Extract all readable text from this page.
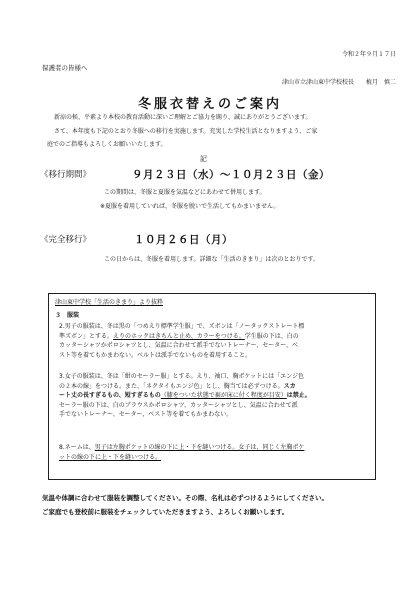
令和２年９月１７日
保護者の皆様へ
津山市立津山東中学校校長　　植月　慎二
冬服衣替えのご案内
新涼の候、平素より本校の教育活動に深いご理解とご協力を賜り、誠にありがとうございます。
さて、本年度も下記のとおり冬服への移行を実施します。充実した学校生活となりますよう、ご家
庭でのご指導もよろしくお願いいたします。
記
《移行期間》	９月２３日（水）〜１０月２３日（金）
この期間は、冬服と夏服を気温などにあわせて併用します。
※夏服を着用していれば、冬服を脱いで生活してもかまいません。
《完全移行》	１０月２６日（月）
この日からは、冬服を着用します。詳細な「生活のきまり」は次のとおりです。
津山東中学校「生活のきまり」より抜粋
３　服装
2.男子の服装は、冬は黒の「つめえり標準学生服」で、ズボンは「ノータックストレート標
準ズボン」とする。えりのホックはきちんと止め、カラーをつける。学生服の下は、白の
カッターシャツかポロシャツとし、気温に合わせて派手でないトレーナー、セーター、ベ
スト等を着てもかまわない。ベルトは派手でないものを着用すること。
3.女子の服装は、冬は「紺のセーラー服」とする。えり、袖口、胸ポケットには「エンジ色
の２本の線」をつける。また、「ネクタイもエンジ色」とし、胸当ては必ずつける。スカ
ート丈の長すぎるもの、短すぎるもの（膝をついた状態で裾が床に付く程度が目安）は禁止。
セーラー服の下は、白のブラウスかポロシャツ、カッターシャツとし、気温に合わせて派
手でないトレーナー、セーター、ベスト等を着てもかまわない。
8.ネームは、男子は左胸ポケットの線の下に上・下を縫いつける。女子は、同じく左胸ポケ
ットの線の下に上・下を縫いつける。
気温や体調に合わせて服装を調整してください。その際、名札は必ずつけるようにしてください。
ご家庭でも登校前に服装をチェックしていただきますよう、よろしくお願いします。
